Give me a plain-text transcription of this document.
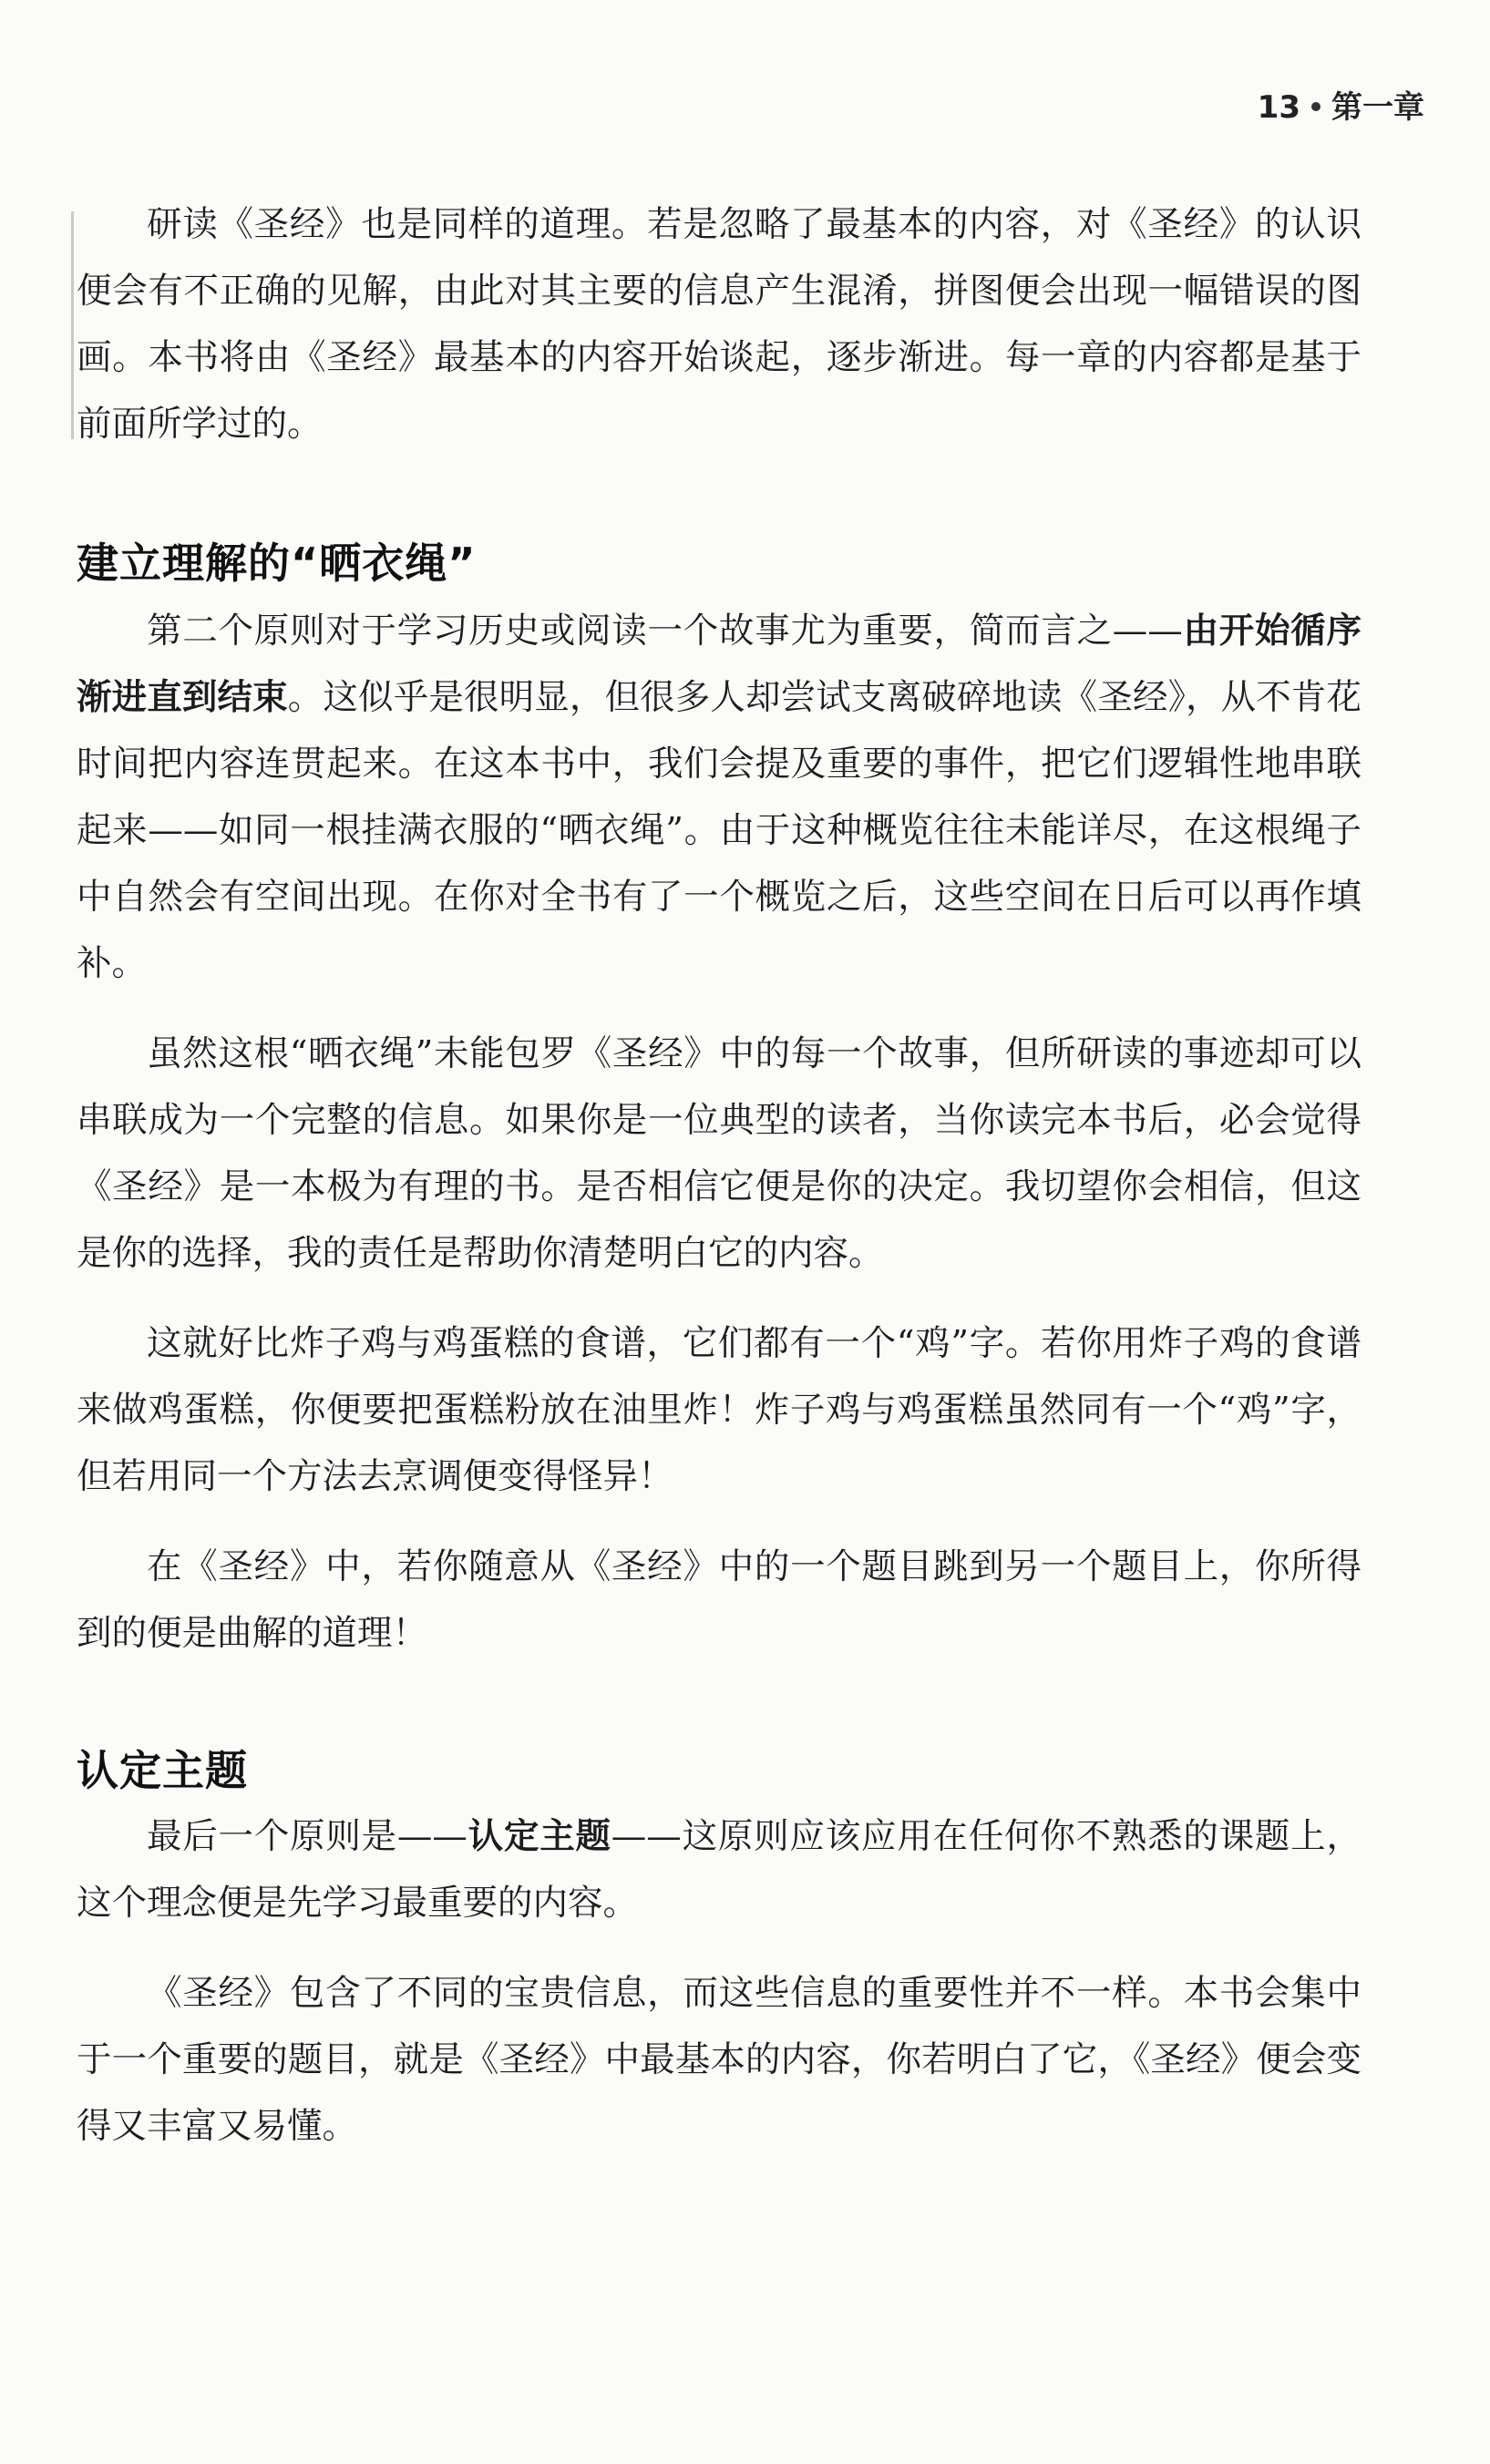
13 第一章

研读《圣经》也是同样的道理。若是忽略了最基本的内容，对《圣经》的认识便会有不正确的见解，由此对其主要的信息产生混淆，拼图便会出现一幅错误的图画。本书将由《圣经》最基本的内容开始谈起，逐步渐进。每一章的内容都是基于前面所学过的。

建立理解的“晒衣绳”

第二个原则对于学习历史或阅读一个故事尤为重要，简而言之——由开始循序渐进直到结束。这似乎是很明显，但很多人却尝试支离破碎地读《圣经》，从不肯花时间把内容连贯起来。在这本书中，我们会提及重要的事件，把它们逻辑性地串联起来——如同一根挂满衣服的“晒衣绳”。由于这种概览往往未能详尽，在这根绳子中自然会有空间出现。在你对全书有了一个概览之后，这些空间在日后可以再作填补。

虽然这根“晒衣绳”未能包罗《圣经》中的每一个故事，但所研读的事迹却可以串联成为一个完整的信息。如果你是一位典型的读者，当你读完本书后，必会觉得《圣经》是一本极为有理的书。是否相信它便是你的决定。我切望你会相信，但这是你的选择，我的责任是帮助你清楚明白它的内容。

这就好比炸子鸡与鸡蛋糕的食谱，它们都有一个“鸡”字。若你用炸子鸡的食谱来做鸡蛋糕，你便要把蛋糕粉放在油里炸！炸子鸡与鸡蛋糕虽然同有一个“鸡”字，但若用同一个方法去烹调便变得怪异！

在《圣经》中，若你随意从《圣经》中的一个题目跳到另一个题目上，你所得到的便是曲解的道理！

认定主题

最后一个原则是——认定主题——这原则应该应用在任何你不熟悉的课题上，这个理念便是先学习最重要的内容。

《圣经》包含了不同的宝贵信息，而这些信息的重要性并不一样。本书会集中于一个重要的题目，就是《圣经》中最基本的内容，你若明白了它，《圣经》便会变得又丰富又易懂。
